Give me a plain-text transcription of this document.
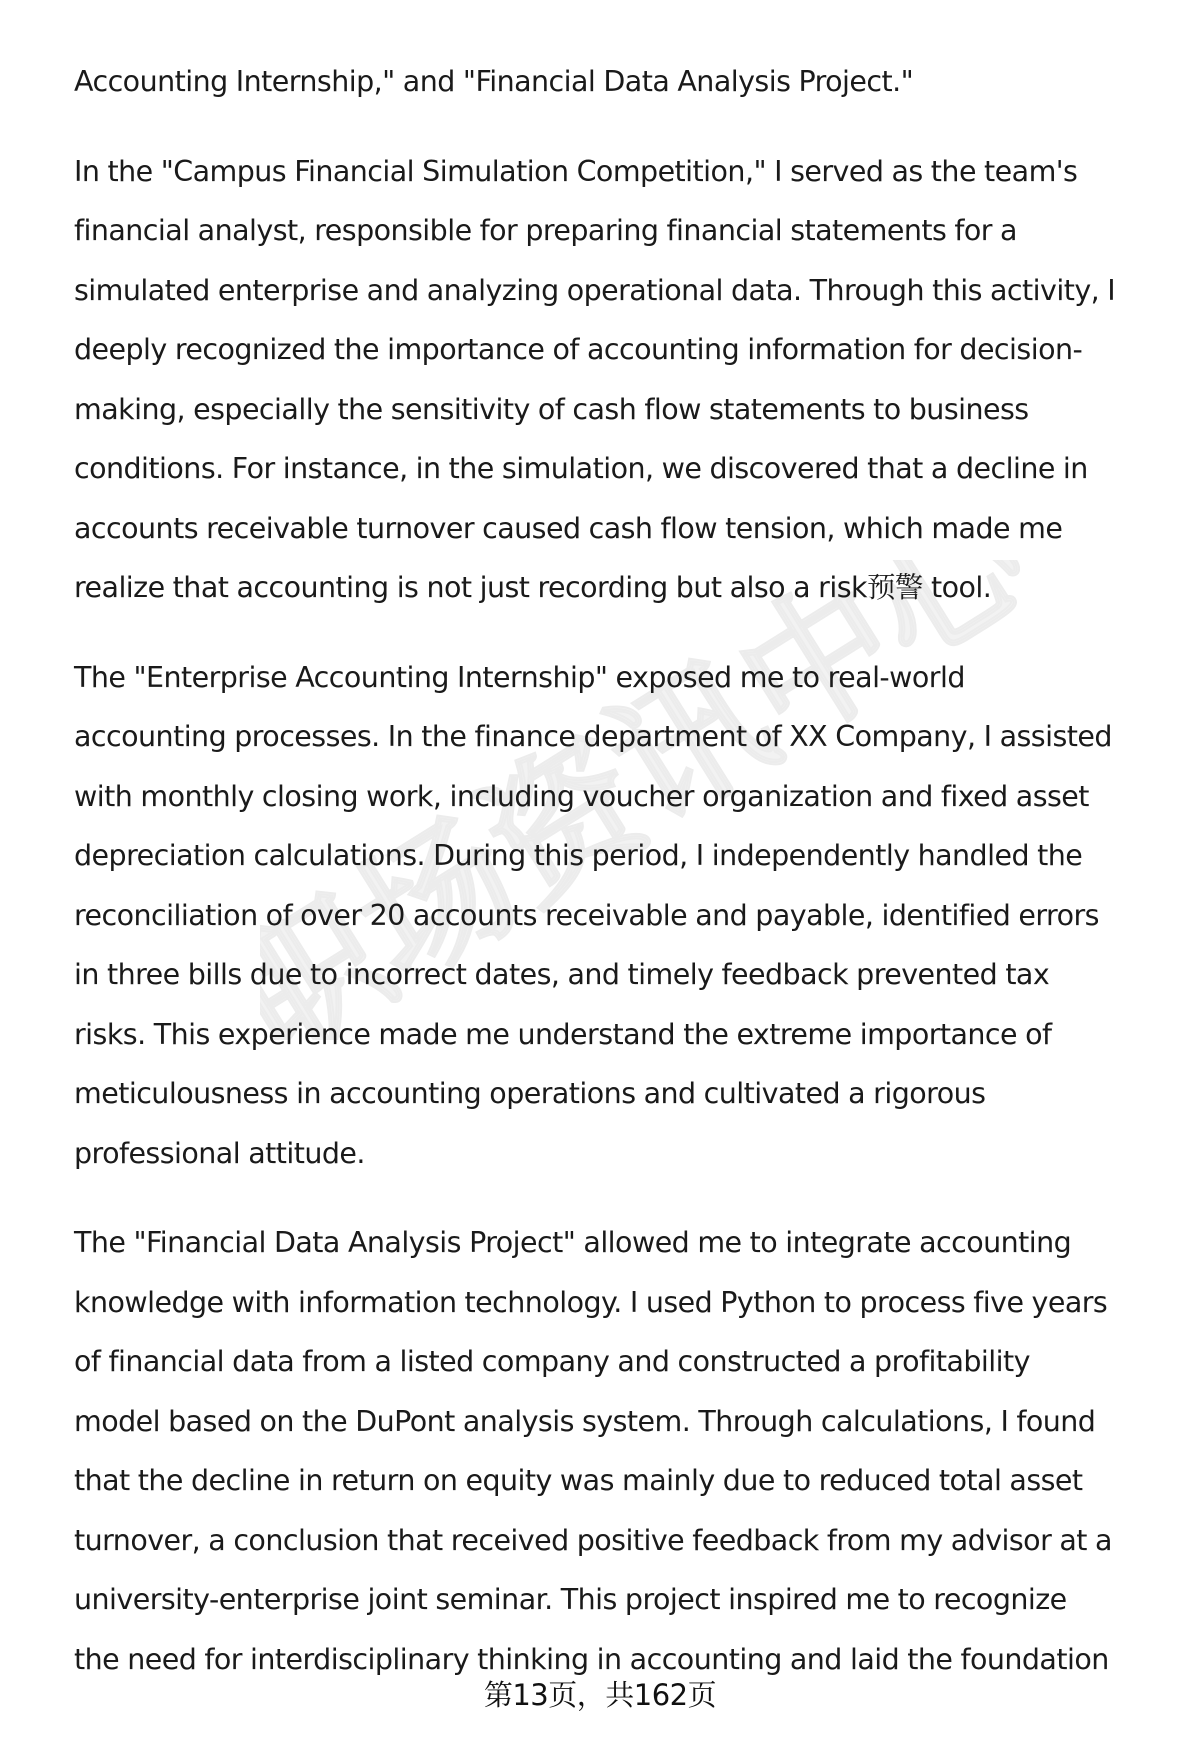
职场资讯中心
Accounting Internship," and "Financial Data Analysis Project."
In the "Campus Financial Simulation Competition," I served as the team's
financial analyst, responsible for preparing financial statements for a
simulated enterprise and analyzing operational data. Through this activity, I
deeply recognized the importance of accounting information for decision-
making, especially the sensitivity of cash flow statements to business
conditions. For instance, in the simulation, we discovered that a decline in
accounts receivable turnover caused cash flow tension, which made me
realize that accounting is not just recording but also a risk预警 tool.
The "Enterprise Accounting Internship" exposed me to real-world
accounting processes. In the finance department of XX Company, I assisted
with monthly closing work, including voucher organization and fixed asset
depreciation calculations. During this period, I independently handled the
reconciliation of over 20 accounts receivable and payable, identified errors
in three bills due to incorrect dates, and timely feedback prevented tax
risks. This experience made me understand the extreme importance of
meticulousness in accounting operations and cultivated a rigorous
professional attitude.
The "Financial Data Analysis Project" allowed me to integrate accounting
knowledge with information technology. I used Python to process five years
of financial data from a listed company and constructed a profitability
model based on the DuPont analysis system. Through calculations, I found
that the decline in return on equity was mainly due to reduced total asset
turnover, a conclusion that received positive feedback from my advisor at a
university-enterprise joint seminar. This project inspired me to recognize
the need for interdisciplinary thinking in accounting and laid the foundation
第13页，共162页
